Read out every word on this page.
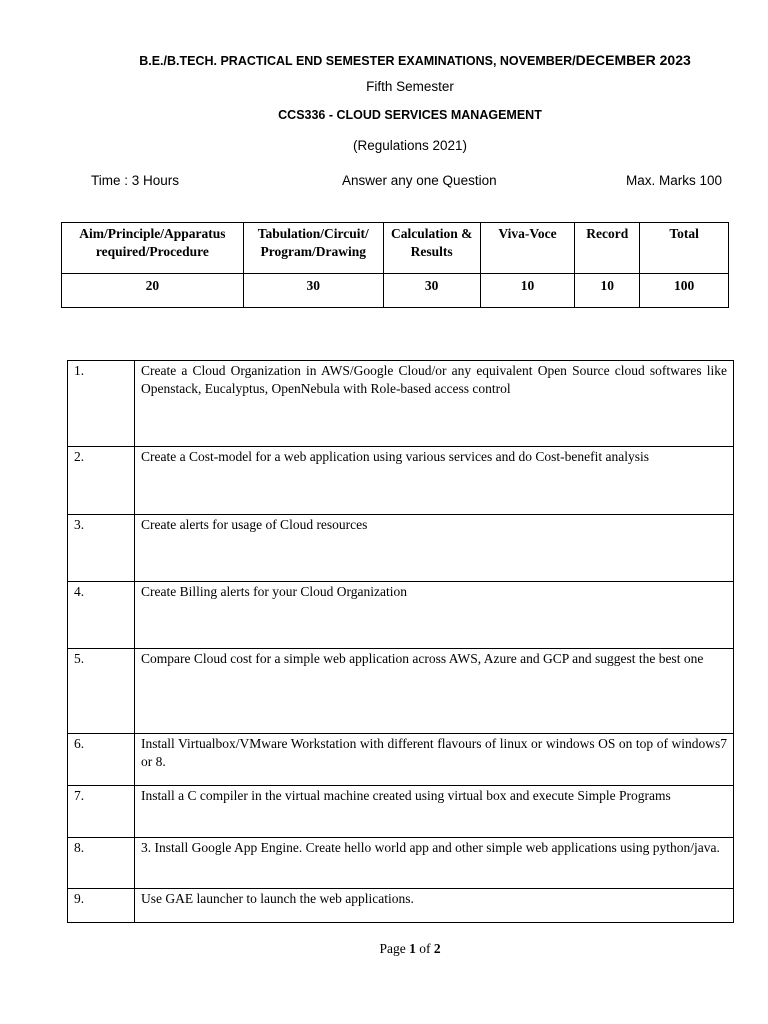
B.E./B.TECH. PRACTICAL END SEMESTER EXAMINATIONS, NOVEMBER/DECEMBER 2023
Fifth Semester
CCS336 - CLOUD SERVICES MANAGEMENT
(Regulations 2021)
Time : 3 Hours	Answer any one Question	Max. Marks 100
Aim/Principle/Apparatus required/Procedure	Tabulation/Circuit/ Program/Drawing	Calculation & Results	Viva-Voce	Record	Total
20	30	30	10	10	100
1.	Create a Cloud Organization in AWS/Google Cloud/or any equivalent Open Source cloud softwares like Openstack, Eucalyptus, OpenNebula with Role-based access control
2.	Create a Cost-model for a web application using various services and do Cost-benefit analysis
3.	Create alerts for usage of Cloud resources
4.	Create Billing alerts for your Cloud Organization
5.	Compare Cloud cost for a simple web application across AWS, Azure and GCP and suggest the best one
6.	Install Virtualbox/VMware Workstation with different flavours of linux or windows OS on top of windows7 or 8.
7.	Install a C compiler in the virtual machine created using virtual box and execute Simple Programs
8.	3. Install Google App Engine. Create hello world app and other simple web applications using python/java.
9.	Use GAE launcher to launch the web applications.
Page 1 of 2
